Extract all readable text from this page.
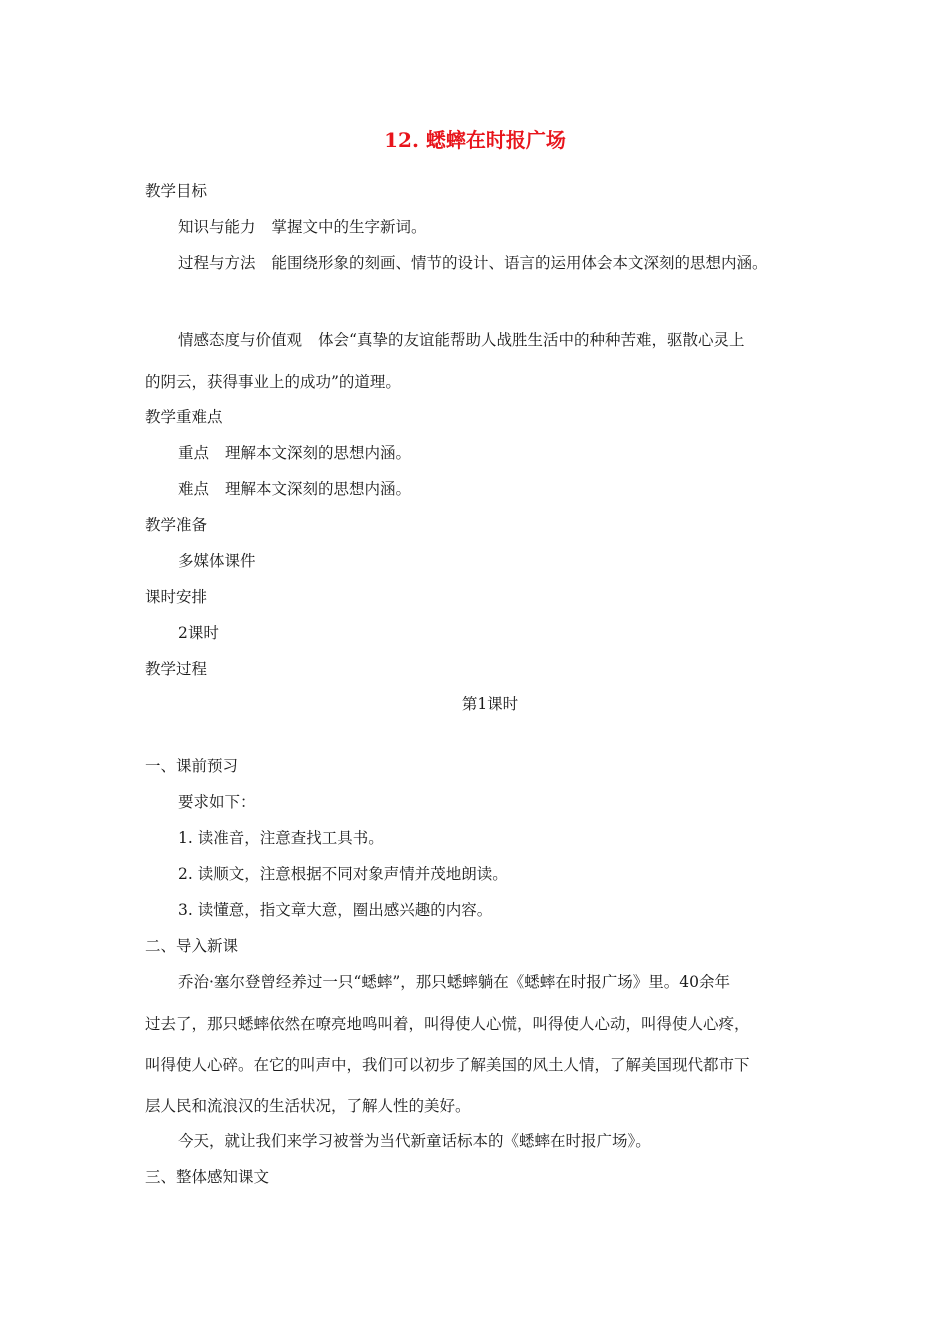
12. 蟋蟀在时报广场
教学目标
知识与能力 掌握文中的生字新词。
过程与方法 能围绕形象的刻画、情节的设计、语言的运用体会本文深刻的思想内涵。
情感态度与价值观 体会“真挚的友谊能帮助人战胜生活中的种种苦难，驱散心灵上
的阴云，获得事业上的成功”的道理。
教学重难点
重点 理解本文深刻的思想内涵。
难点 理解本文深刻的思想内涵。
教学准备
多媒体课件
课时安排
2课时
教学过程
第1课时
一、课前预习
要求如下：
1. 读准音，注意查找工具书。
2. 读顺文，注意根据不同对象声情并茂地朗读。
3. 读懂意，指文章大意，圈出感兴趣的内容。
二、导入新课
乔治·塞尔登曾经养过一只“蟋蟀”，那只蟋蟀躺在《蟋蟀在时报广场》里。40余年
过去了，那只蟋蟀依然在嘹亮地鸣叫着，叫得使人心慌，叫得使人心动，叫得使人心疼，
叫得使人心碎。在它的叫声中，我们可以初步了解美国的风土人情，了解美国现代都市下
层人民和流浪汉的生活状况，了解人性的美好。
今天，就让我们来学习被誉为当代新童话标本的《蟋蟀在时报广场》。
三、整体感知课文
